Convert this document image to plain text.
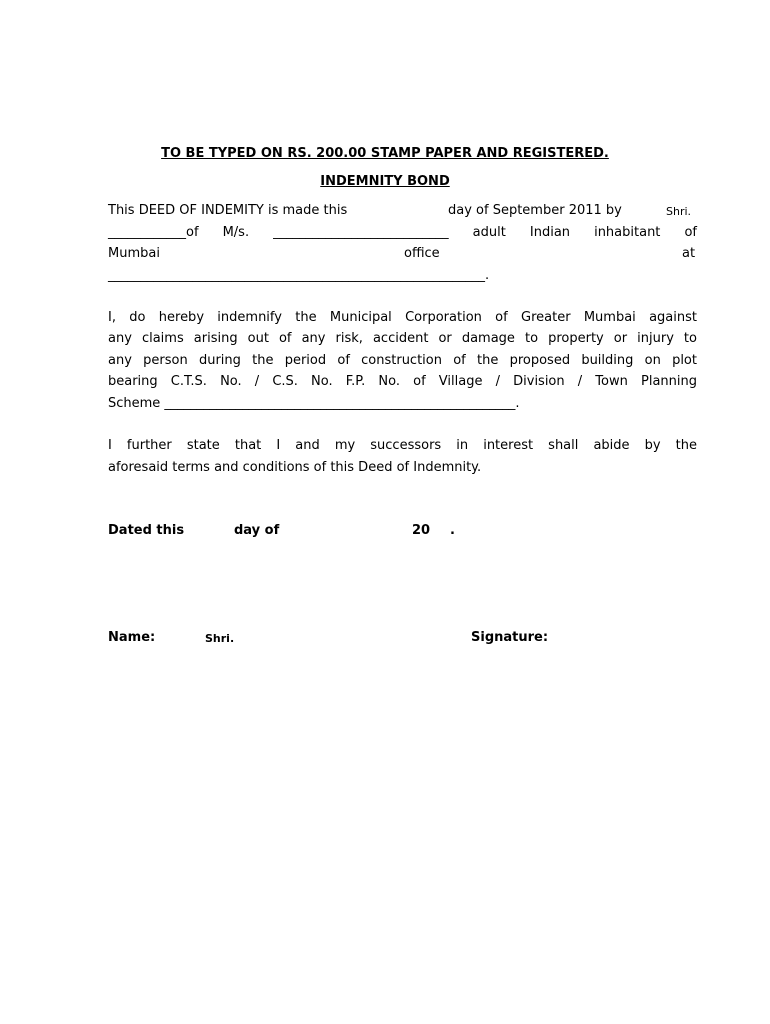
TO BE TYPED ON RS. 200.00 STAMP PAPER AND REGISTERED.
INDEMNITY BOND
This DEED OF INDEMITY is made this	day of September 2011 by	Shri.
____________of M/s. ___________________________ adult Indian inhabitant of
Mumbai	office	at
__________________________________________________________.
I, do hereby indemnify the Municipal Corporation of Greater Mumbai against
any claims arising out of any risk, accident or damage to property or injury to
any person during the period of construction of the proposed building on plot
bearing C.T.S. No. / C.S. No. F.P. No. of Village / Division / Town Planning
Scheme ______________________________________________________.
I further state that I and my successors in interest shall abide by the
aforesaid terms and conditions of this Deed of Indemnity.
Dated this	day of	20 .
Name:	Shri.	Signature:
